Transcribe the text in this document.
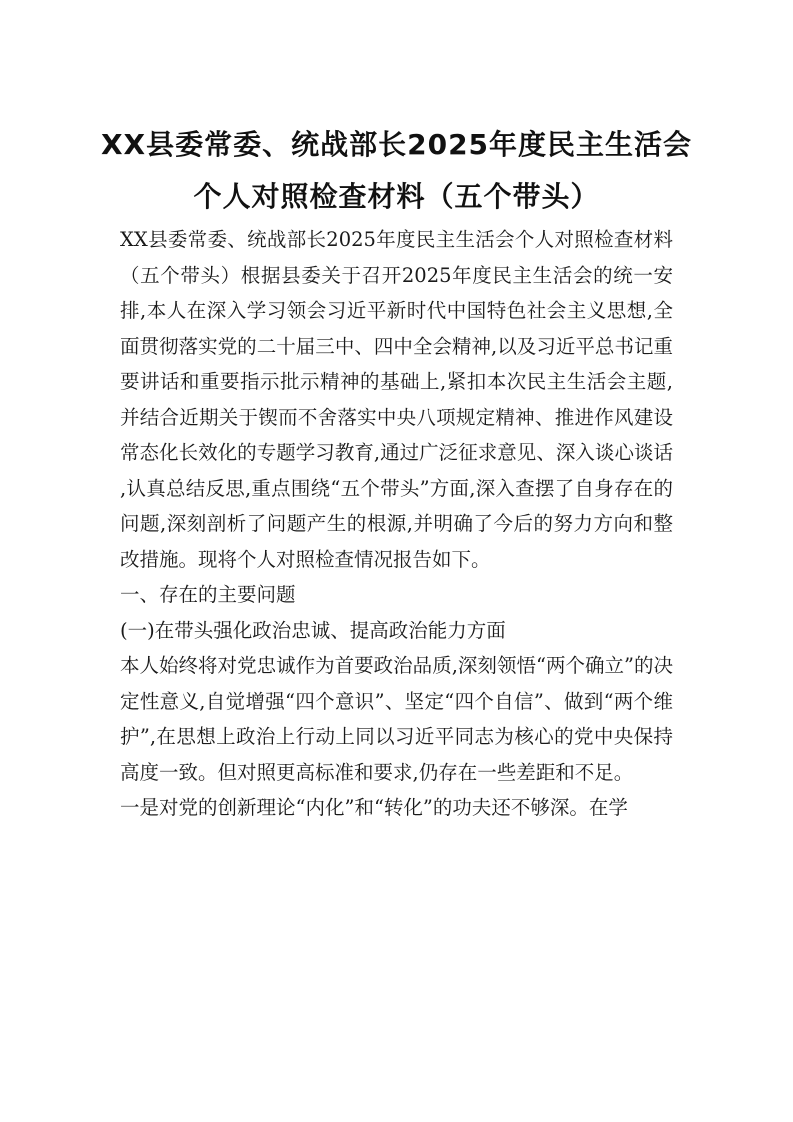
XX县委常委、统战部长2025年度民主生活会个人对照检查材料（五个带头）

XX县委常委、统战部长2025年度民主生活会个人对照检查材料（五个带头）根据县委关于召开2025年度民主生活会的统一安排,本人在深入学习领会习近平新时代中国特色社会主义思想,全面贯彻落实党的二十届三中、四中全会精神,以及习近平总书记重要讲话和重要指示批示精神的基础上,紧扣本次民主生活会主题,并结合近期关于锲而不舍落实中央八项规定精神、推进作风建设常态化长效化的专题学习教育,通过广泛征求意见、深入谈心谈话,认真总结反思,重点围绕“五个带头”方面,深入查摆了自身存在的问题,深刻剖析了问题产生的根源,并明确了今后的努力方向和整改措施。现将个人对照检查情况报告如下。

一、存在的主要问题

(一)在带头强化政治忠诚、提高政治能力方面

本人始终将对党忠诚作为首要政治品质,深刻领悟“两个确立”的决定性意义,自觉增强“四个意识”、坚定“四个自信”、做到“两个维护”,在思想上政治上行动上同以习近平同志为核心的党中央保持高度一致。但对照更高标准和要求,仍存在一些差距和不足。

一是对党的创新理论“内化”和“转化”的功夫还不够深。在学
